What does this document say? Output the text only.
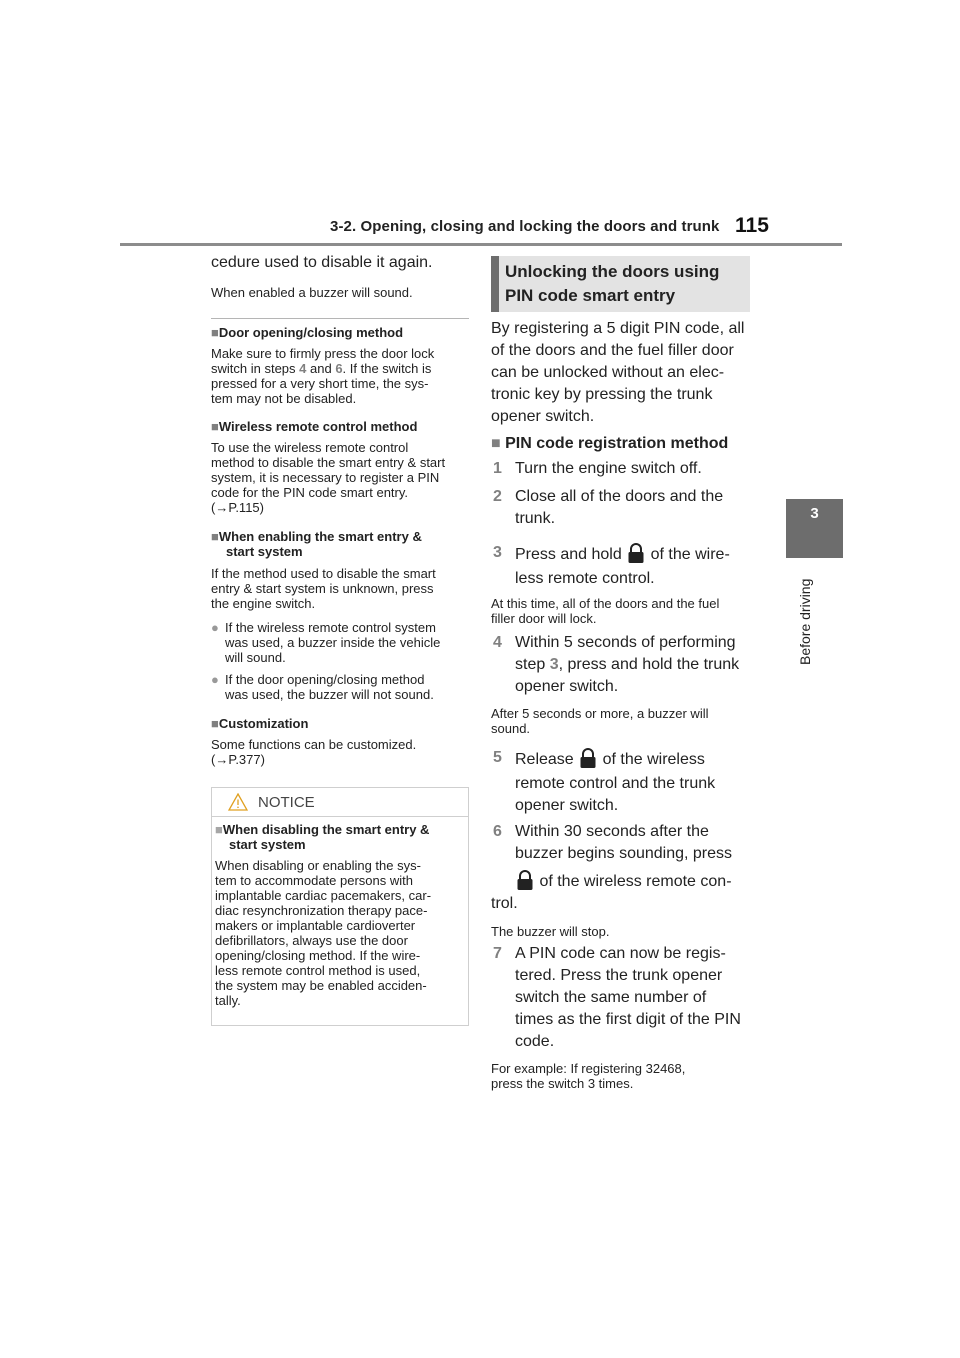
3-2. Opening, closing and locking the doors and trunk 115
3
Before driving
cedure used to disable it again.
When enabled a buzzer will sound.
■Door opening/closing method
Make sure to firmly press the door lock
switch in steps 4 and 6. If the switch is
pressed for a very short time, the sys-
tem may not be disabled.
■Wireless remote control method
To use the wireless remote control
method to disable the smart entry & start
system, it is necessary to register a PIN
code for the PIN code smart entry.
(→P.115)
■When enabling the smart entry &
start system
If the method used to disable the smart
entry & start system is unknown, press
the engine switch.
● If the wireless remote control system
was used, a buzzer inside the vehicle
will sound.
● If the door opening/closing method
was used, the buzzer will not sound.
■Customization
Some functions can be customized.
(→P.377)
NOTICE
■When disabling the smart entry &
start system
When disabling or enabling the sys-
tem to accommodate persons with
implantable cardiac pacemakers, car-
diac resynchronization therapy pace-
makers or implantable cardioverter
defibrillators, always use the door
opening/closing method. If the wire-
less remote control method is used,
the system may be enabled acciden-
tally.
Unlocking the doors using
PIN code smart entry
By registering a 5 digit PIN code, all
of the doors and the fuel filler door
can be unlocked without an elec-
tronic key by pressing the trunk
opener switch.
■ PIN code registration method
1 Turn the engine switch off.
2 Close all of the doors and the
trunk.
3 Press and hold  of the wire-
less remote control.
At this time, all of the doors and the fuel
filler door will lock.
4 Within 5 seconds of performing
step 3, press and hold the trunk
opener switch.
After 5 seconds or more, a buzzer will
sound.
5 Release  of the wireless
remote control and the trunk
opener switch.
6 Within 30 seconds after the
buzzer begins sounding, press
of the wireless remote con-
trol.
The buzzer will stop.
7 A PIN code can now be regis-
tered. Press the trunk opener
switch the same number of
times as the first digit of the PIN
code.
For example: If registering 32468,
press the switch 3 times.
